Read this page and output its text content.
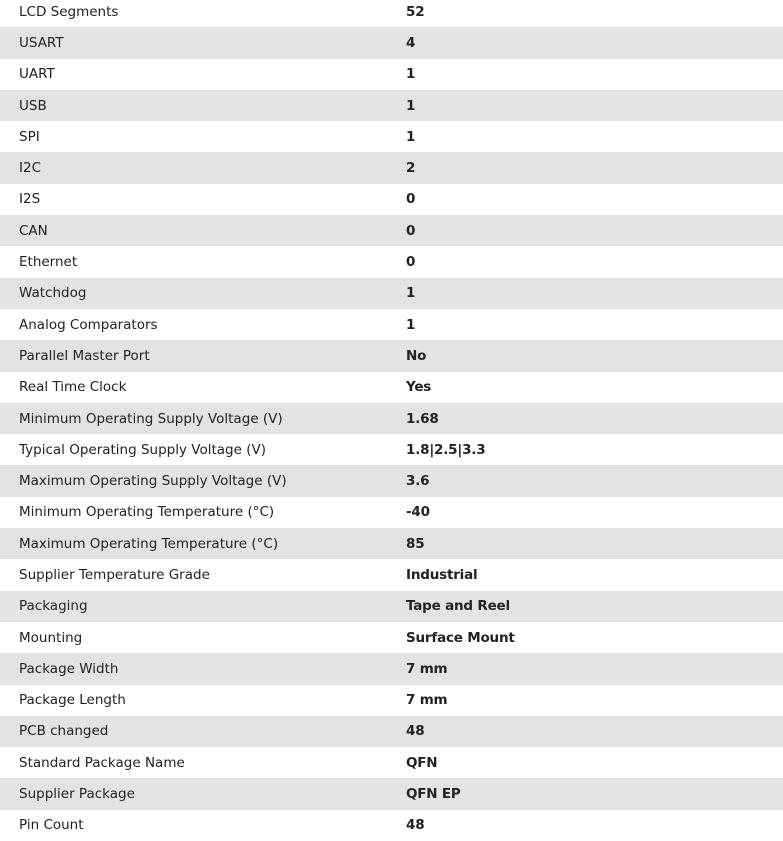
LCD Segments	52
USART	4
UART	1
USB	1
SPI	1
I2C	2
I2S	0
CAN	0
Ethernet	0
Watchdog	1
Analog Comparators	1
Parallel Master Port	No
Real Time Clock	Yes
Minimum Operating Supply Voltage (V)	1.68
Typical Operating Supply Voltage (V)	1.8|2.5|3.3
Maximum Operating Supply Voltage (V)	3.6
Minimum Operating Temperature (°C)	-40
Maximum Operating Temperature (°C)	85
Supplier Temperature Grade	Industrial
Packaging	Tape and Reel
Mounting	Surface Mount
Package Width	7 mm
Package Length	7 mm
PCB changed	48
Standard Package Name	QFN
Supplier Package	QFN EP
Pin Count	48
